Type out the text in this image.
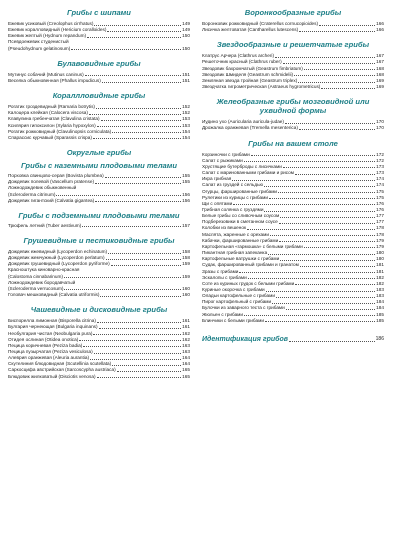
Грибы с шипами
Ежевик усиковый (Creolophus cirrhatus)	149
Ежевик коралловидный (Hericium coralloides)	149
Ежевик желтый (Hydnum repandum)	150
Псевдоежевик студенистый
(Pseudohydnum gelatinosum)	150
Булавовидные грибы
Мутинус собачий (Mutinus caninus)	151
Веселка обыкновенная (Phallus impudicus)	151
Кораллловидные грибы
Рогатик гроздевидный (Ramaria botrytis)	152
Калоцера клейкая (Calocera viscosa)	152
Клавулина гребенчатая (Clavulina cristata)	153
Ксилярия гипоксилон (Xylaria hypoxylon)	153
Рогатик рожковидный (Clavulinopsis corniculata)	154
Спарассис курчавый (Sparassis crispa)	154
Округлые грибы
Грибы с наземными плодовыми телами
Порховка свинцово-серая (Bovista plumbea)	155
Дождевик полевой (Vascellum pratense)	155
Ложнодождевик обыкновенный
(Scleroderma citrinum)	156
Дождевик гигантский (Calvatia gigantea)	156
Грибы с подземными плодовыми телами
Трюфель летний (Tuber aestivum)	157
Грушевидные и пестиковидные грибы
Дождевик ежевидный (Lycoperdon echinatum)	158
Дождевик жемчужный (Lycoperdon perlatum)	158
Дождевик грушевидный (Lycoperdon pyriforme)	159
Красноштука киноварно-красная
(Calostoma cinnabarinum)	159
Ложнодождевик бородавчатый
(Scleroderma verrucosum)	160
Головач мешковидный (Calvatia utriformis)	160
Чашевидные и дисковидные грибы
Биспорелла лимонная (Bisporella citrina)	161
Булгария чернеющая (Bulgaria inquinans)	161
Необулгария чистая (Neobulgaria pura)	162
Отидея ослиная (Otidea onotica)	162
Пецица коричневая (Peziza badia)	163
Пецица пузырчатая (Peziza vesiculosa)	163
Алеврия оранжевая (Aleuria aurantia)	164
Скутелиния блюдовидная (Scutellinia scutellata)	164
Саркосцифа австрийская (Sarcoscypha austriaca)	165
Блюдовик жилковатый (Disciotis venosa)	165
Воронкообразные грибы
Воронковик рожковидный (Craterellus cornucopioides)	166
Лисичка желтоватая (Cantharellus lutescens)	166
Звездообразные и решетчатые грибы
Клатрус Арчера (Clathrus archeri)	167
Решеточник красный (Clathrus ruber)	167
Звездовик бахромчатый (Geastrum fimbriatum)	168
Звездовик Шмиделя (Geastrum schmidelii)	168
Земляная звезда тройная (Geastrum triplex)	169
Звездчатка гигрометрическая (Astraeus hygrometricus)	169
Желеобразные грибы мозговидной или ухвидной формы
Иудино ухо (Auricularia auricula-judae)	170
Дрожалка оранжевая (Tremella mesenterica)	170
Грибы на вашем столе
Корзиночки с грибами	172
Салат с рыжиками	172
Хрустящие бутерброды с лисичками	173
Салат с маринованными грибами и рисом	173
Икра грибная	174
Салат из груздей с сельдью	174
Огурцы, фаршированные грибами	175
Рулетики из курицы с грибами	175
Щи с опятами	176
Грибная солянка с груздями	176
Белые грибы со сливочным соусом	177
Подберезовики в сметанном соусе	177
Колобки из вешенок	178
Маслята, жаренные с орехами	178
Кабачки, фаршированные грибами	179
Картофельная «гармошка» с белыми грибами	179
Пикантная грибная запеканка	180
Картофельные ватрушки с грибами	180
Судак, фаршированный грибами и гранатом	181
Зразы с грибами	181
Эскалопы с грибами	182
Соте из куриных грудок с белыми грибами	182
Куриные окорочка с грибами	183
Оладьи картофельные с грибами	183
Пирог картофельный с грибами	184
Булочки из заварного теста с грибами	184
Жюльен с грибами	185
Блинчики с белыми грибами	185
Идентификация грибов	186
